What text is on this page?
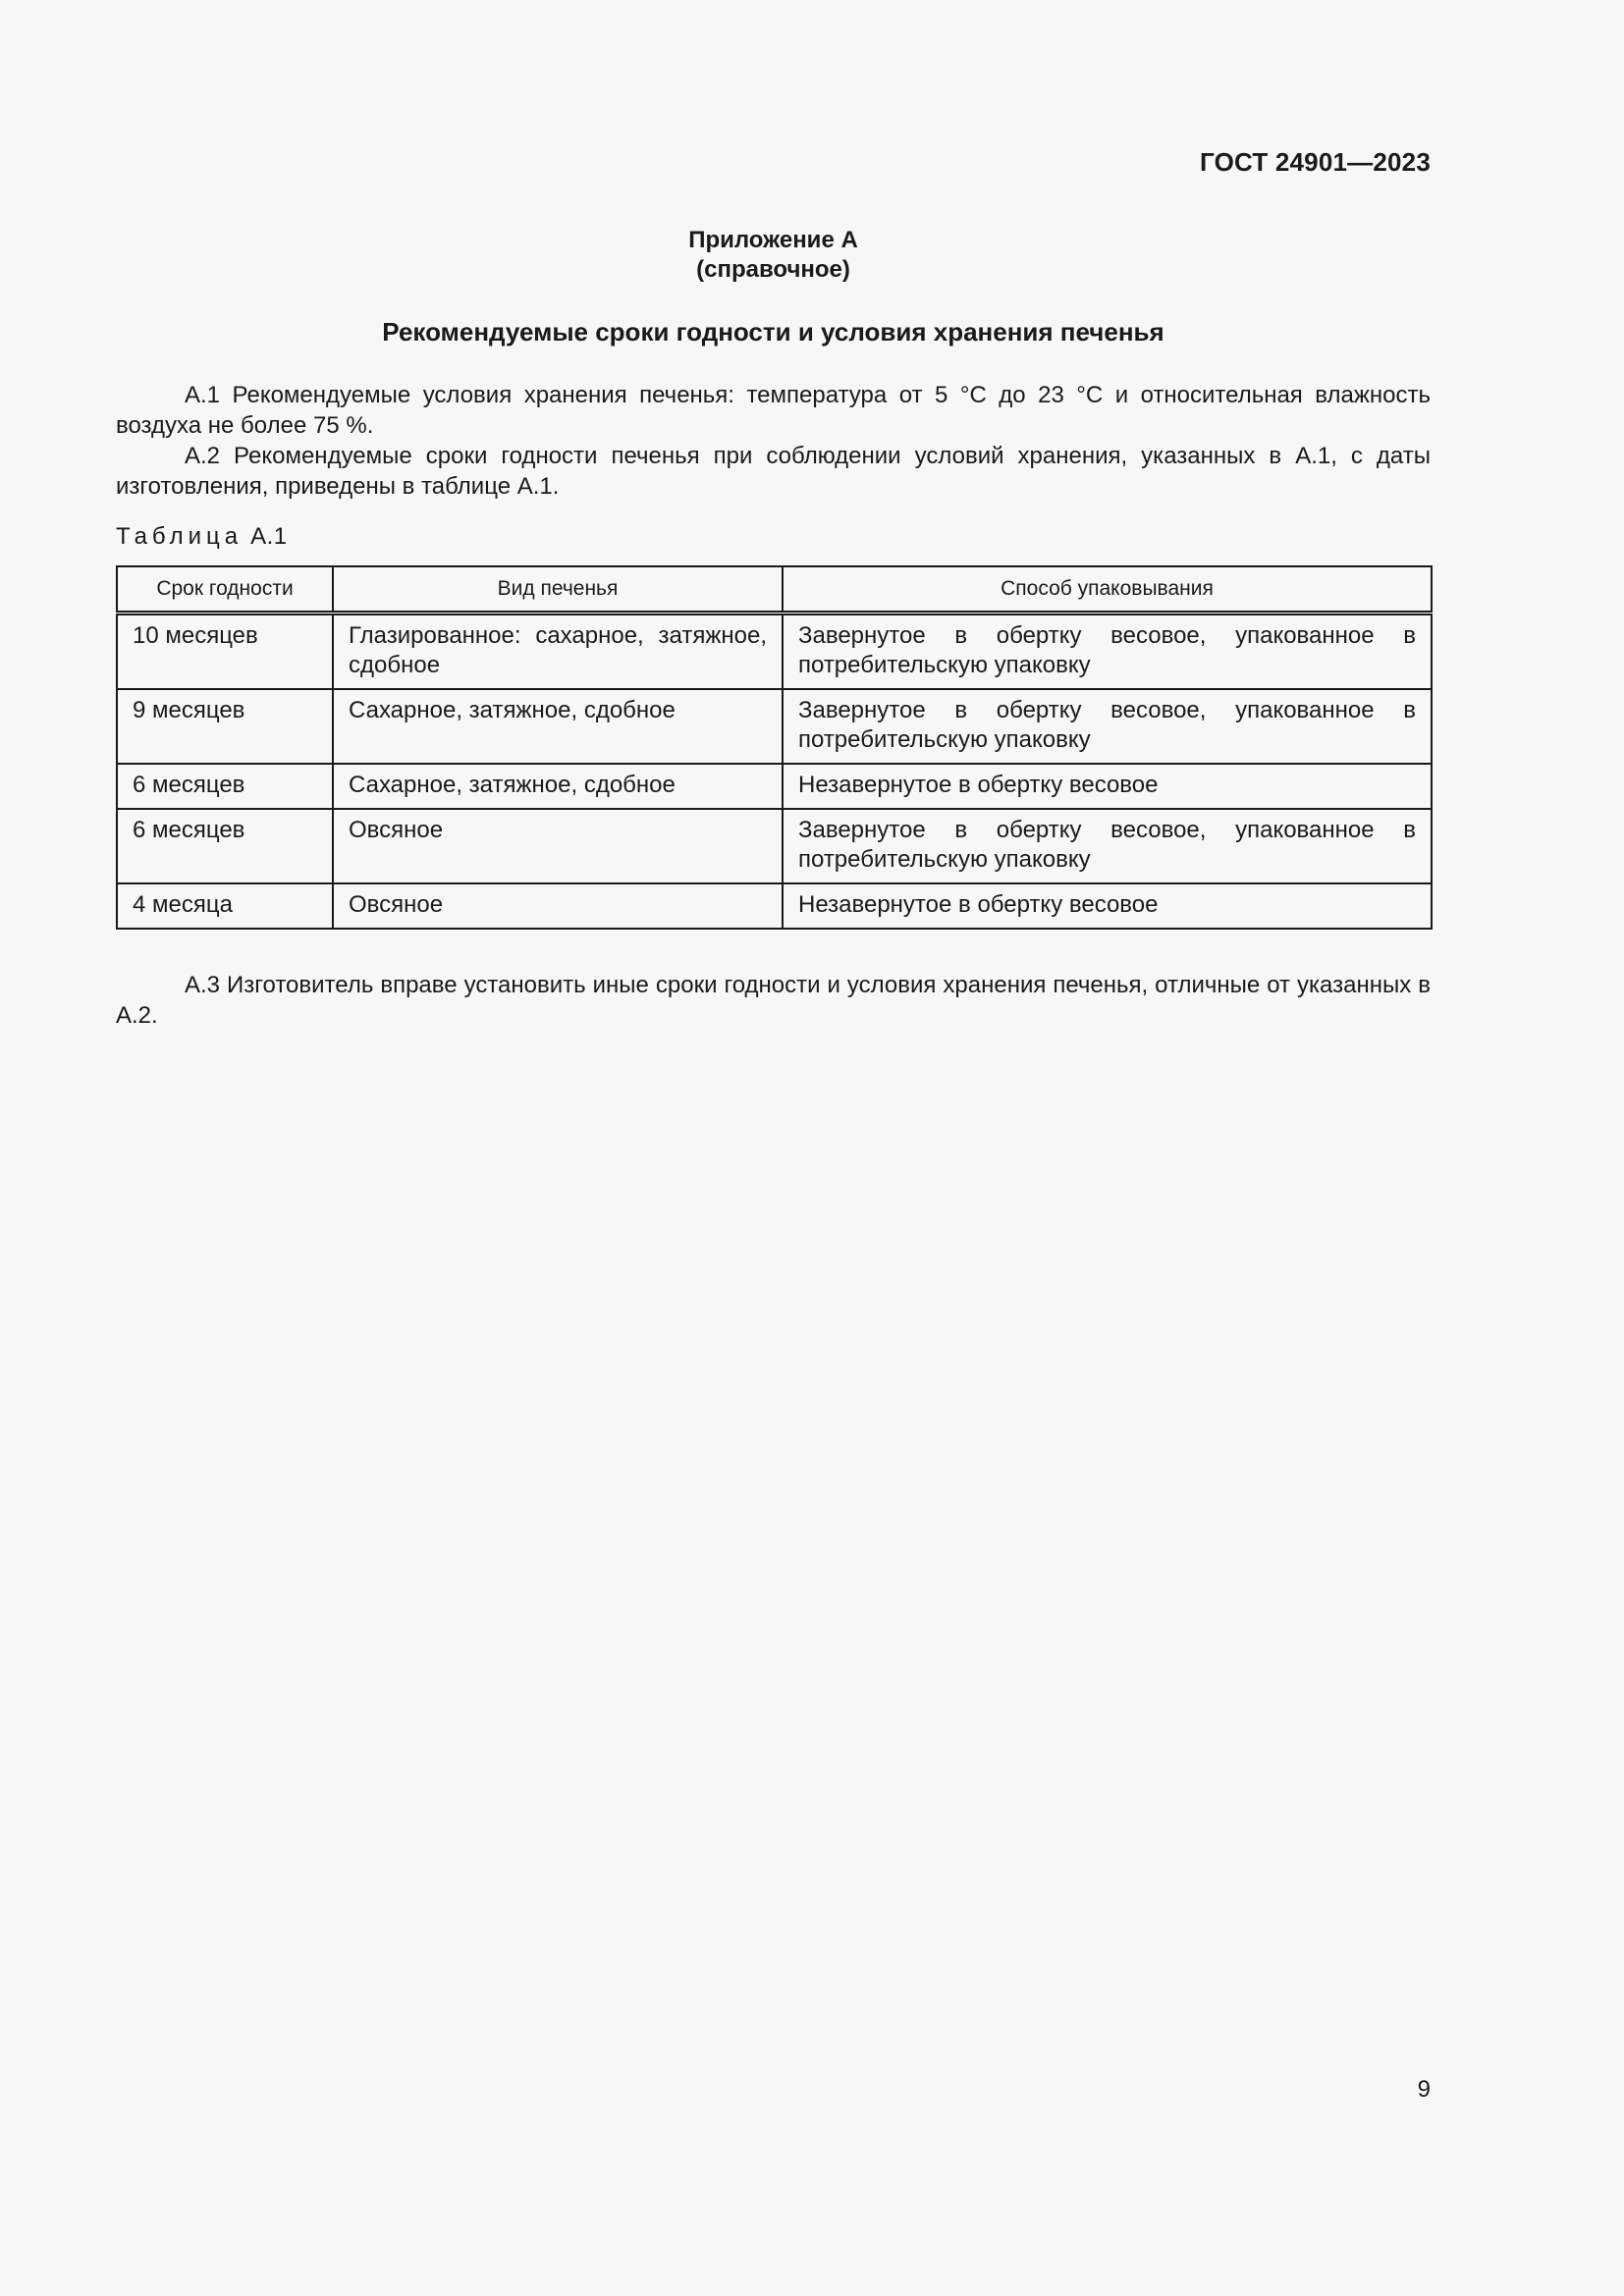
ГОСТ 24901—2023
Приложение А
(справочное)
Рекомендуемые сроки годности и условия хранения печенья

А.1 Рекомендуемые условия хранения печенья: температура от 5 °С до 23 °С и относительная влажность воздуха не более 75 %.

А.2 Рекомендуемые сроки годности печенья при соблюдении условий хранения, указанных в А.1, с даты изготовления, приведены в таблице А.1.

Таблица А.1
Срок годности	Вид печенья	Способ упаковывания
10 месяцев	Глазированное: сахарное, затяжное, сдобное	Завернутое в обертку весовое, упакованное в потребительскую упаковку
9 месяцев	Сахарное, затяжное, сдобное	Завернутое в обертку весовое, упакованное в потребительскую упаковку
6 месяцев	Сахарное, затяжное, сдобное	Незавернутое в обертку весовое
6 месяцев	Овсяное	Завернутое в обертку весовое, упакованное в потребительскую упаковку
4 месяца	Овсяное	Незавернутое в обертку весовое

А.3 Изготовитель вправе установить иные сроки годности и условия хранения печенья, отличные от указанных в А.2.

9
